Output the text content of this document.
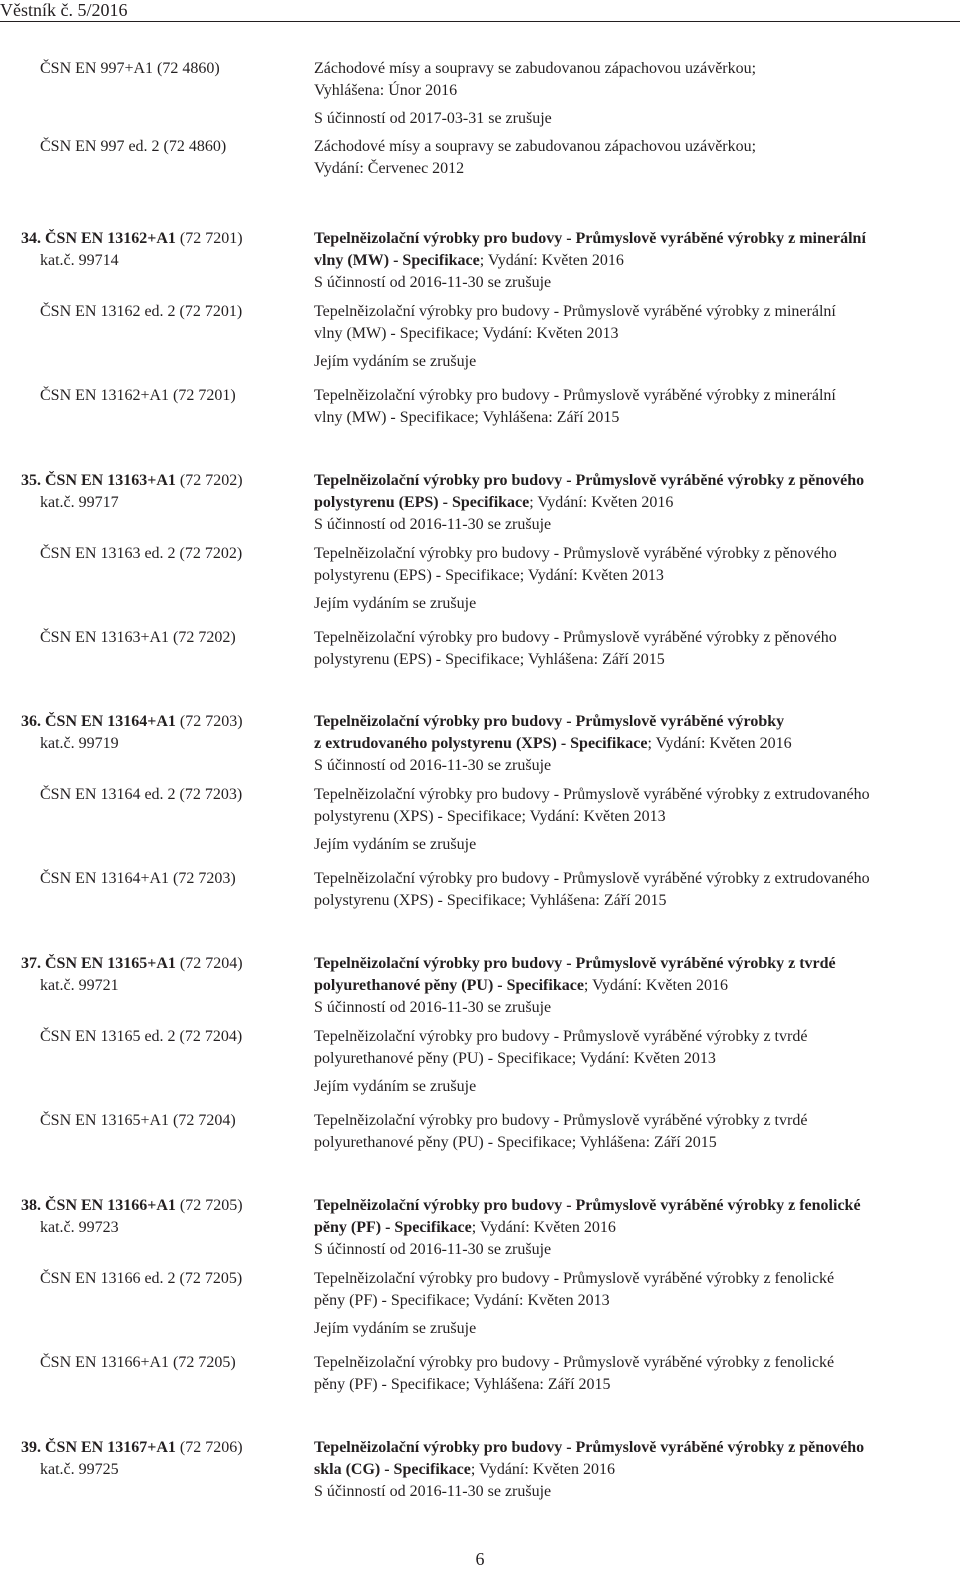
Věstník č. 5/2016
ČSN EN 997+A1 (72 4860)	Záchodové mísy a soupravy se zabudovanou zápachovou uzávěrkou;
Vyhlášena: Únor 2016
S účinností od 2017-03-31 se zrušuje
ČSN EN 997 ed. 2 (72 4860)	Záchodové mísy a soupravy se zabudovanou zápachovou uzávěrkou;
Vydání: Červenec 2012
34. ČSN EN 13162+A1 (72 7201)	Tepelněizolační výrobky pro budovy - Průmyslově vyráběné výrobky z minerální
kat.č. 99714	vlny (MW) - Specifikace; Vydání: Květen 2016
S účinností od 2016-11-30 se zrušuje
ČSN EN 13162 ed. 2 (72 7201)	Tepelněizolační výrobky pro budovy - Průmyslově vyráběné výrobky z minerální
vlny (MW) - Specifikace; Vydání: Květen 2013
Jejím vydáním se zrušuje
ČSN EN 13162+A1 (72 7201)	Tepelněizolační výrobky pro budovy - Průmyslově vyráběné výrobky z minerální
vlny (MW) - Specifikace; Vyhlášena: Září 2015
35. ČSN EN 13163+A1 (72 7202)	Tepelněizolační výrobky pro budovy - Průmyslově vyráběné výrobky z pěnového
kat.č. 99717	polystyrenu (EPS) - Specifikace; Vydání: Květen 2016
S účinností od 2016-11-30 se zrušuje
ČSN EN 13163 ed. 2 (72 7202)	Tepelněizolační výrobky pro budovy - Průmyslově vyráběné výrobky z pěnového
polystyrenu (EPS) - Specifikace; Vydání: Květen 2013
Jejím vydáním se zrušuje
ČSN EN 13163+A1 (72 7202)	Tepelněizolační výrobky pro budovy - Průmyslově vyráběné výrobky z pěnového
polystyrenu (EPS) - Specifikace; Vyhlášena: Září 2015
36. ČSN EN 13164+A1 (72 7203)	Tepelněizolační výrobky pro budovy - Průmyslově vyráběné výrobky
kat.č. 99719	z extrudovaného polystyrenu (XPS) - Specifikace; Vydání: Květen 2016
S účinností od 2016-11-30 se zrušuje
ČSN EN 13164 ed. 2 (72 7203)	Tepelněizolační výrobky pro budovy - Průmyslově vyráběné výrobky z extrudovaného
polystyrenu (XPS) - Specifikace; Vydání: Květen 2013
Jejím vydáním se zrušuje
ČSN EN 13164+A1 (72 7203)	Tepelněizolační výrobky pro budovy - Průmyslově vyráběné výrobky z extrudovaného
polystyrenu (XPS) - Specifikace; Vyhlášena: Září 2015
37. ČSN EN 13165+A1 (72 7204)	Tepelněizolační výrobky pro budovy - Průmyslově vyráběné výrobky z tvrdé
kat.č. 99721	polyurethanové pěny (PU) - Specifikace; Vydání: Květen 2016
S účinností od 2016-11-30 se zrušuje
ČSN EN 13165 ed. 2 (72 7204)	Tepelněizolační výrobky pro budovy - Průmyslově vyráběné výrobky z tvrdé
polyurethanové pěny (PU) - Specifikace; Vydání: Květen 2013
Jejím vydáním se zrušuje
ČSN EN 13165+A1 (72 7204)	Tepelněizolační výrobky pro budovy - Průmyslově vyráběné výrobky z tvrdé
polyurethanové pěny (PU) - Specifikace; Vyhlášena: Září 2015
38. ČSN EN 13166+A1 (72 7205)	Tepelněizolační výrobky pro budovy - Průmyslově vyráběné výrobky z fenolické
kat.č. 99723	pěny (PF) - Specifikace; Vydání: Květen 2016
S účinností od 2016-11-30 se zrušuje
ČSN EN 13166 ed. 2 (72 7205)	Tepelněizolační výrobky pro budovy - Průmyslově vyráběné výrobky z fenolické
pěny (PF) - Specifikace; Vydání: Květen 2013
Jejím vydáním se zrušuje
ČSN EN 13166+A1 (72 7205)	Tepelněizolační výrobky pro budovy - Průmyslově vyráběné výrobky z fenolické
pěny (PF) - Specifikace; Vyhlášena: Září 2015
39. ČSN EN 13167+A1 (72 7206)	Tepelněizolační výrobky pro budovy - Průmyslově vyráběné výrobky z pěnového
kat.č. 99725	skla (CG) - Specifikace; Vydání: Květen 2016
S účinností od 2016-11-30 se zrušuje
6
